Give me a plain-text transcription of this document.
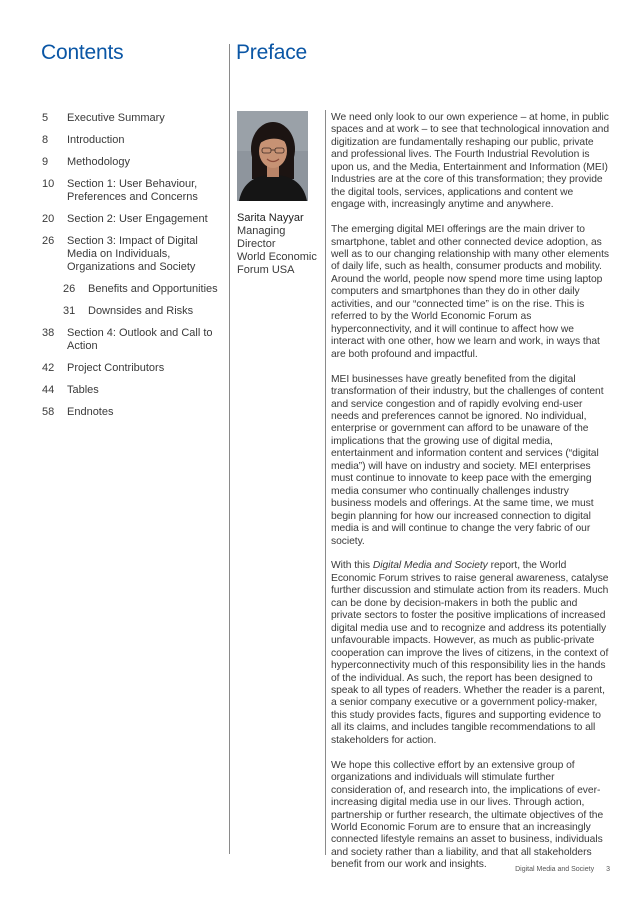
Contents	Preface
5 Executive Summary
8 Introduction
9 Methodology
10 Section 1: User Behaviour, Preferences and Concerns
20 Section 2: User Engagement
26 Section 3: Impact of Digital Media on Individuals, Organizations and Society
26 Benefits and Opportunities
31 Downsides and Risks
38 Section 4: Outlook and Call to Action
42 Project Contributors
44 Tables
58 Endnotes
Sarita Nayyar
Managing Director
World Economic Forum USA

We need only look to our own experience – at home, in public spaces and at work – to see that technological innovation and digitization are fundamentally reshaping our public, private and professional lives. The Fourth Industrial Revolution is upon us, and the Media, Entertainment and Information (MEI) Industries are at the core of this transformation; they provide the digital tools, services, applications and content we engage with, increasingly anytime and anywhere.

The emerging digital MEI offerings are the main driver to smartphone, tablet and other connected device adoption, as well as to our changing relationship with many other elements of daily life, such as health, consumer products and mobility. Around the world, people now spend more time using laptop computers and smartphones than they do in other daily activities, and our “connected time” is on the rise. This is referred to by the World Economic Forum as hyperconnectivity, and it will continue to affect how we interact with one other, how we learn and work, in ways that are both profound and impactful.

MEI businesses have greatly benefited from the digital transformation of their industry, but the challenges of content and service congestion and of rapidly evolving end-user needs and preferences cannot be ignored. No individual, enterprise or government can afford to be unaware of the implications that the growing use of digital media, entertainment and information content and services (“digital media”) will have on industry and society. MEI enterprises must continue to innovate to keep pace with the emerging media consumer who continually challenges industry business models and offerings. At the same time, we must begin planning for how our increased connection to digital media is and will continue to change the very fabric of our society.

With this Digital Media and Society report, the World Economic Forum strives to raise general awareness, catalyse further discussion and stimulate action from its readers. Much can be done by decision-makers in both the public and private sectors to foster the positive implications of increased digital media use and to recognize and address its potentially unfavourable impacts. However, as much as public-private cooperation can improve the lives of citizens, in the context of hyperconnectivity much of this responsibility lies in the hands of the individual. As such, the report has been designed to speak to all types of readers. Whether the reader is a parent, a senior company executive or a government policy-maker, this study provides facts, figures and supporting evidence to all its claims, and includes tangible recommendations to all stakeholders for action.

We hope this collective effort by an extensive group of organizations and individuals will stimulate further consideration of, and research into, the implications of ever-increasing digital media use in our lives. Through action, partnership or further research, the ultimate objectives of the World Economic Forum are to ensure that an increasingly connected lifestyle remains an asset to business, individuals and society rather than a liability, and that all stakeholders benefit from our work and insights.	Digital Media and Society 3
